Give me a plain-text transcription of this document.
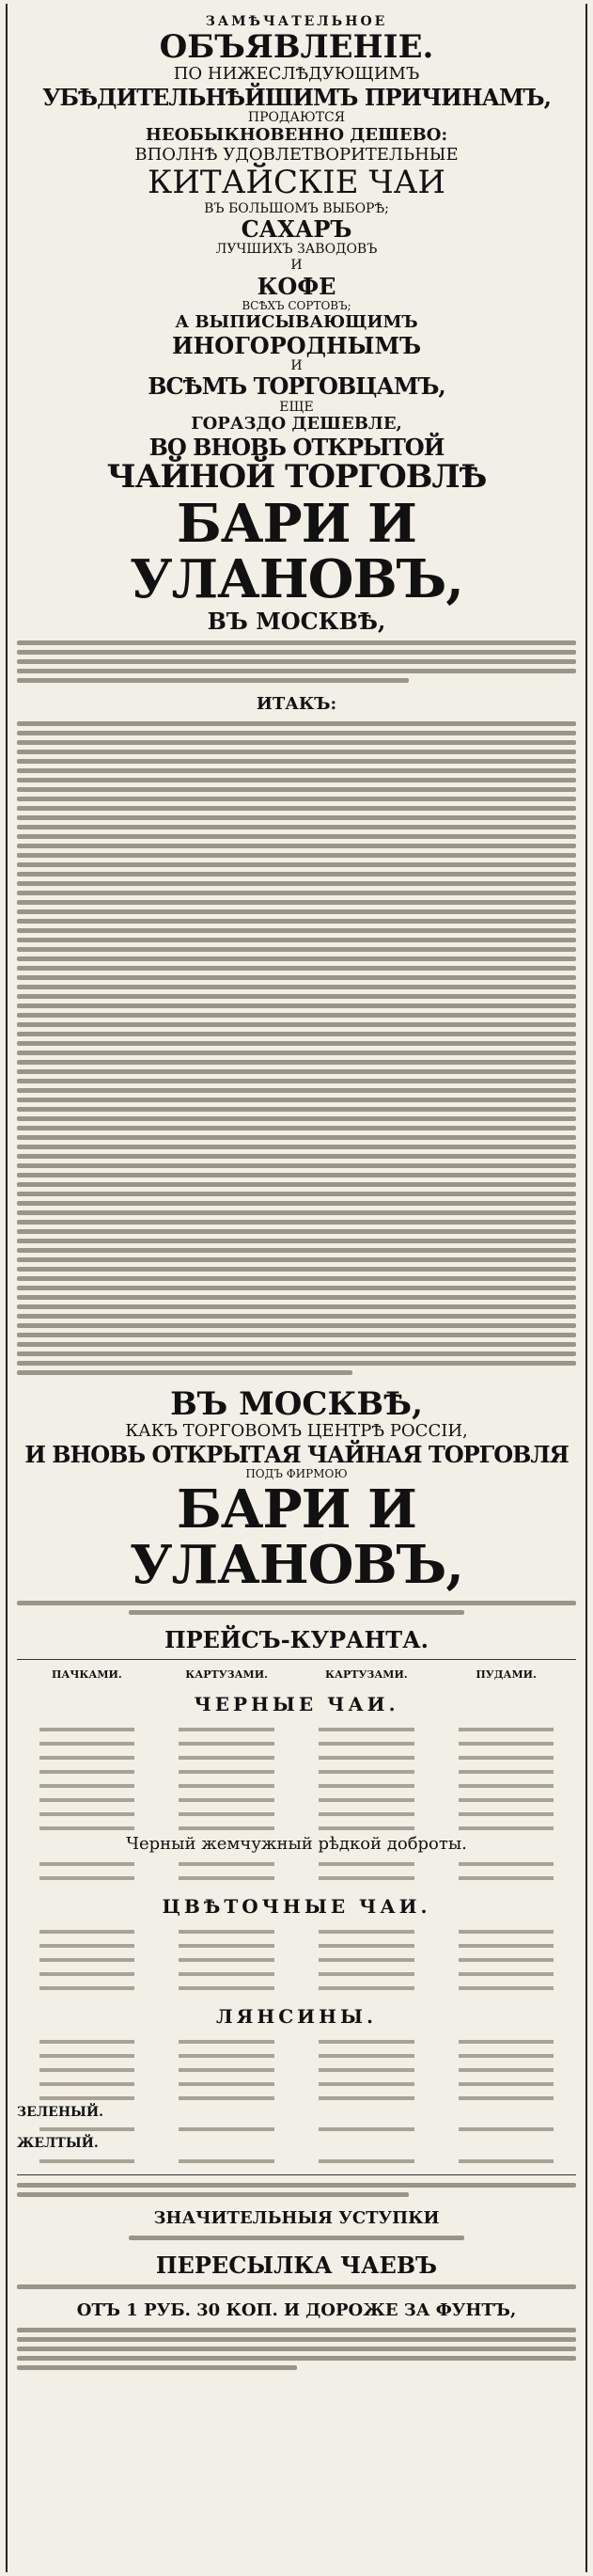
ЗАМѢЧАТЕЛЬНОЕ
ОБЪЯВЛЕНІЕ.
ПО НИЖЕСЛѢДУЮЩИМЪ
УБѢДИТЕЛЬНѢЙШИМЪ ПРИЧИНАМЪ,
ПРОДАЮТСЯ
НЕОБЫКНОВЕННО ДЕШЕВО:
ВПОЛНѢ УДОВЛЕТВОРИТЕЛЬНЫЕ
КИТАЙСКІЕ ЧАИ
ВЪ БОЛЬШОМЪ ВЫБОРѢ;
САХАРЪ
ЛУЧШИХЪ ЗАВОДОВЪ
И
КОФЕ
ВСѢХЪ СОРТОВЪ;
А ВЫПИСЫВАЮЩИМЪ
ИНОГОРОДНЫМЪ
И
ВСѢМЪ ТОРГОВЦАМЪ,
ЕЩЕ
ГОРАЗДО ДЕШЕВЛЕ,
ВО ВНОВЬ ОТКРЫТОЙ
ЧАЙНОЙ ТОРГОВЛѢ
БАРИ И УЛАНОВЪ,
ВЪ МОСКВѢ,
ИТАКЪ:
ВЪ МОСКВѢ,
КАКЪ ТОРГОВОМЪ ЦЕНТРѢ РОССІИ,
И ВНОВЬ ОТКРЫТАЯ ЧАЙНАЯ ТОРГОВЛЯ
ПОДЪ ФИРМОЮ
БАРИ И УЛАНОВЪ,
ПРЕЙСЪ-КУРАНТА.
ПАЧКАМИ.	КАРТУЗАМИ.	КАРТУЗАМИ.	ПУДАМИ.
ЧЕРНЫЕ ЧАИ.

Черный жемчужный рѣдкой доброты.

ЦВѢТОЧНЫЕ ЧАИ.

ЛЯНСИНЫ.

ЗЕЛЕНЫЙ.

ЖЕЛТЫЙ.

ЗНАЧИТЕЛЬНЫЯ УСТУПКИ
ПЕРЕСЫЛКА ЧАЕВЪ
ОТЪ 1 РУБ. 30 КОП. И ДОРОЖЕ ЗА ФУНТЪ,
